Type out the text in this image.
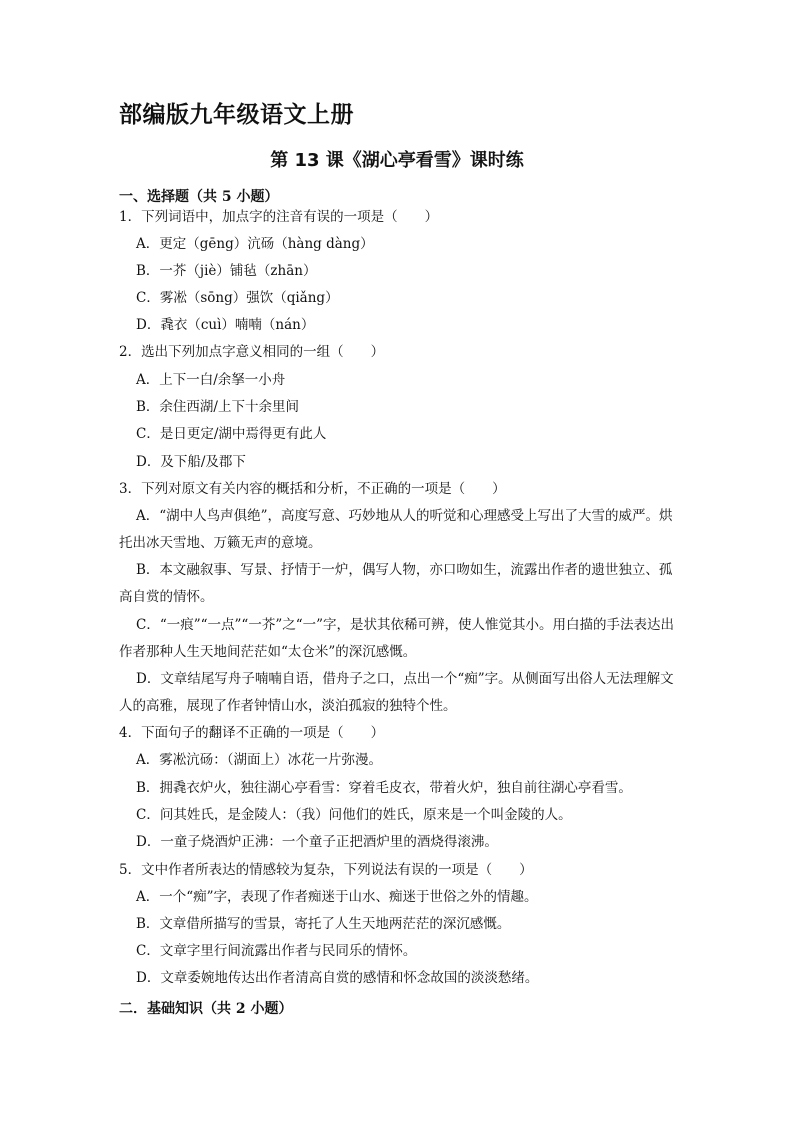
部编版九年级语文上册
第 13 课《湖心亭看雪》课时练
一、选择题（共 5 小题）
1．下列词语中，加点字的注音有误的一项是（　　）
A．更定（gēng）沆砀（hàng dàng）
B．一芥（jiè）铺毡（zhān）
C．雾凇（sōng）强饮（qiǎng）
D．毳衣（cuì）喃喃（nán）
2．选出下列加点字意义相同的一组（　　）
A．上下一白/余拏一小舟
B．余住西湖/上下十余里间
C．是日更定/湖中焉得更有此人
D．及下船/及郡下
3．下列对原文有关内容的概括和分析，不正确的一项是（　　）
A．“湖中人鸟声俱绝”，高度写意、巧妙地从人的听觉和心理感受上写出了大雪的威严。烘托出冰天雪地、万籁无声的意境。
B．本文融叙事、写景、抒情于一炉，偶写人物，亦口吻如生，流露出作者的遗世独立、孤高自赏的情怀。
C．“一痕”“一点”“一芥”之“一”字，是状其依稀可辨，使人惟觉其小。用白描的手法表达出作者那种人生天地间茫茫如“太仓米”的深沉感慨。
D．文章结尾写舟子喃喃自语，借舟子之口，点出一个“痴”字。从侧面写出俗人无法理解文人的高雅，展现了作者钟情山水，淡泊孤寂的独特个性。
4．下面句子的翻译不正确的一项是（　　）
A．雾凇沆砀：（湖面上）冰花一片弥漫。
B．拥毳衣炉火，独往湖心亭看雪：穿着毛皮衣，带着火炉，独自前往湖心亭看雪。
C．问其姓氏，是金陵人：（我）问他们的姓氏，原来是一个叫金陵的人。
D．一童子烧酒炉正沸：一个童子正把酒炉里的酒烧得滚沸。
5．文中作者所表达的情感较为复杂，下列说法有误的一项是（　　）
A．一个“痴”字，表现了作者痴迷于山水、痴迷于世俗之外的情趣。
B．文章借所描写的雪景，寄托了人生天地两茫茫的深沉感慨。
C．文章字里行间流露出作者与民同乐的情怀。
D．文章委婉地传达出作者清高自赏的感情和怀念故国的淡淡愁绪。
二．基础知识（共 2 小题）
